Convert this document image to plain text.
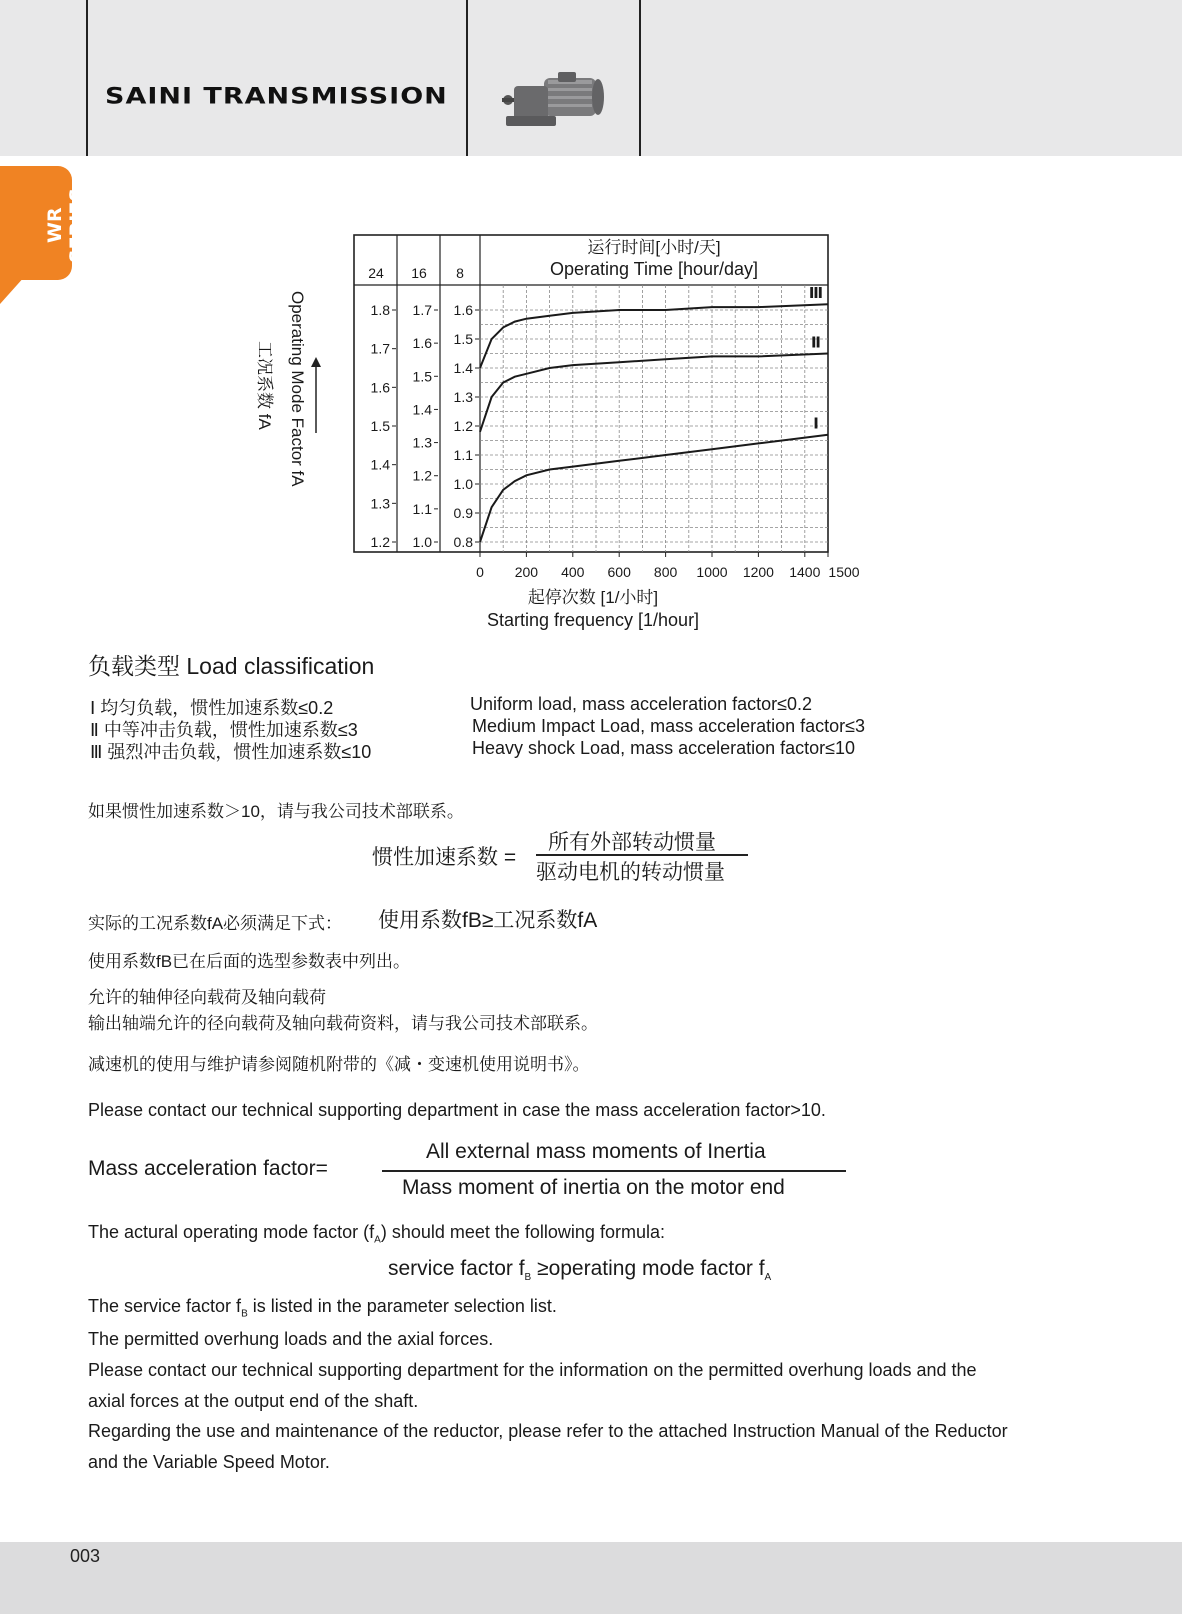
SAINI TRANSMISSION
WR SERIES
0 200 400 600 800 1000 1200 1400 1500
24
1.8
1.7
1.6
1.5
1.4
1.3
1.2
16
1.7
1.6
1.5
1.4
1.3
1.2
1.1
1.0
8
1.6
1.5
1.4
1.3
1.2
1.1
1.0
0.9
0.8
运行时间[小时/天]
Operating Time [hour/day]
起停次数 [1/小时]
Starting frequency [1/hour]
Operating Mode Factor fA
工况系数 fA	Ⅰ
Ⅱ
Ⅲ
负载类型 Load classification
Ⅰ 均匀负载，惯性加速系数≤0.2	Uniform load, mass acceleration factor≤0.2
Ⅱ 中等冲击负载，惯性加速系数≤3	Medium Impact Load, mass acceleration factor≤3
Ⅲ 强烈冲击负载，惯性加速系数≤10	Heavy shock Load, mass acceleration factor≤10
如果惯性加速系数＞10，请与我公司技术部联系。
惯性加速系数 =
所有外部转动惯量
驱动电机的转动惯量
实际的工况系数fA必须满足下式： 使用系数fB≥工况系数fA
使用系数fB已在后面的选型参数表中列出。
允许的轴伸径向载荷及轴向载荷
输出轴端允许的径向载荷及轴向载荷资料，请与我公司技术部联系。
减速机的使用与维护请参阅随机附带的《减・变速机使用说明书》。
Please contact our technical supporting department in case the mass acceleration factor>10.
Mass acceleration factor=
All external mass moments of Inertia
Mass moment of inertia on the motor end
The actural operating mode factor $(f_A)$ should meet the following formula:
service factor $f_B$ ≥operating mode factor $f_A$
The service factor $f_B$ is listed in the parameter selection list.
The permitted overhung loads and the axial forces.
Please contact our technical supporting department for the information on the permitted overhung loads and the
axial forces at the output end of the shaft.
Regarding the use and maintenance of the reductor, please refer to the attached Instruction Manual of the Reductor
and the Variable Speed Motor.
003
